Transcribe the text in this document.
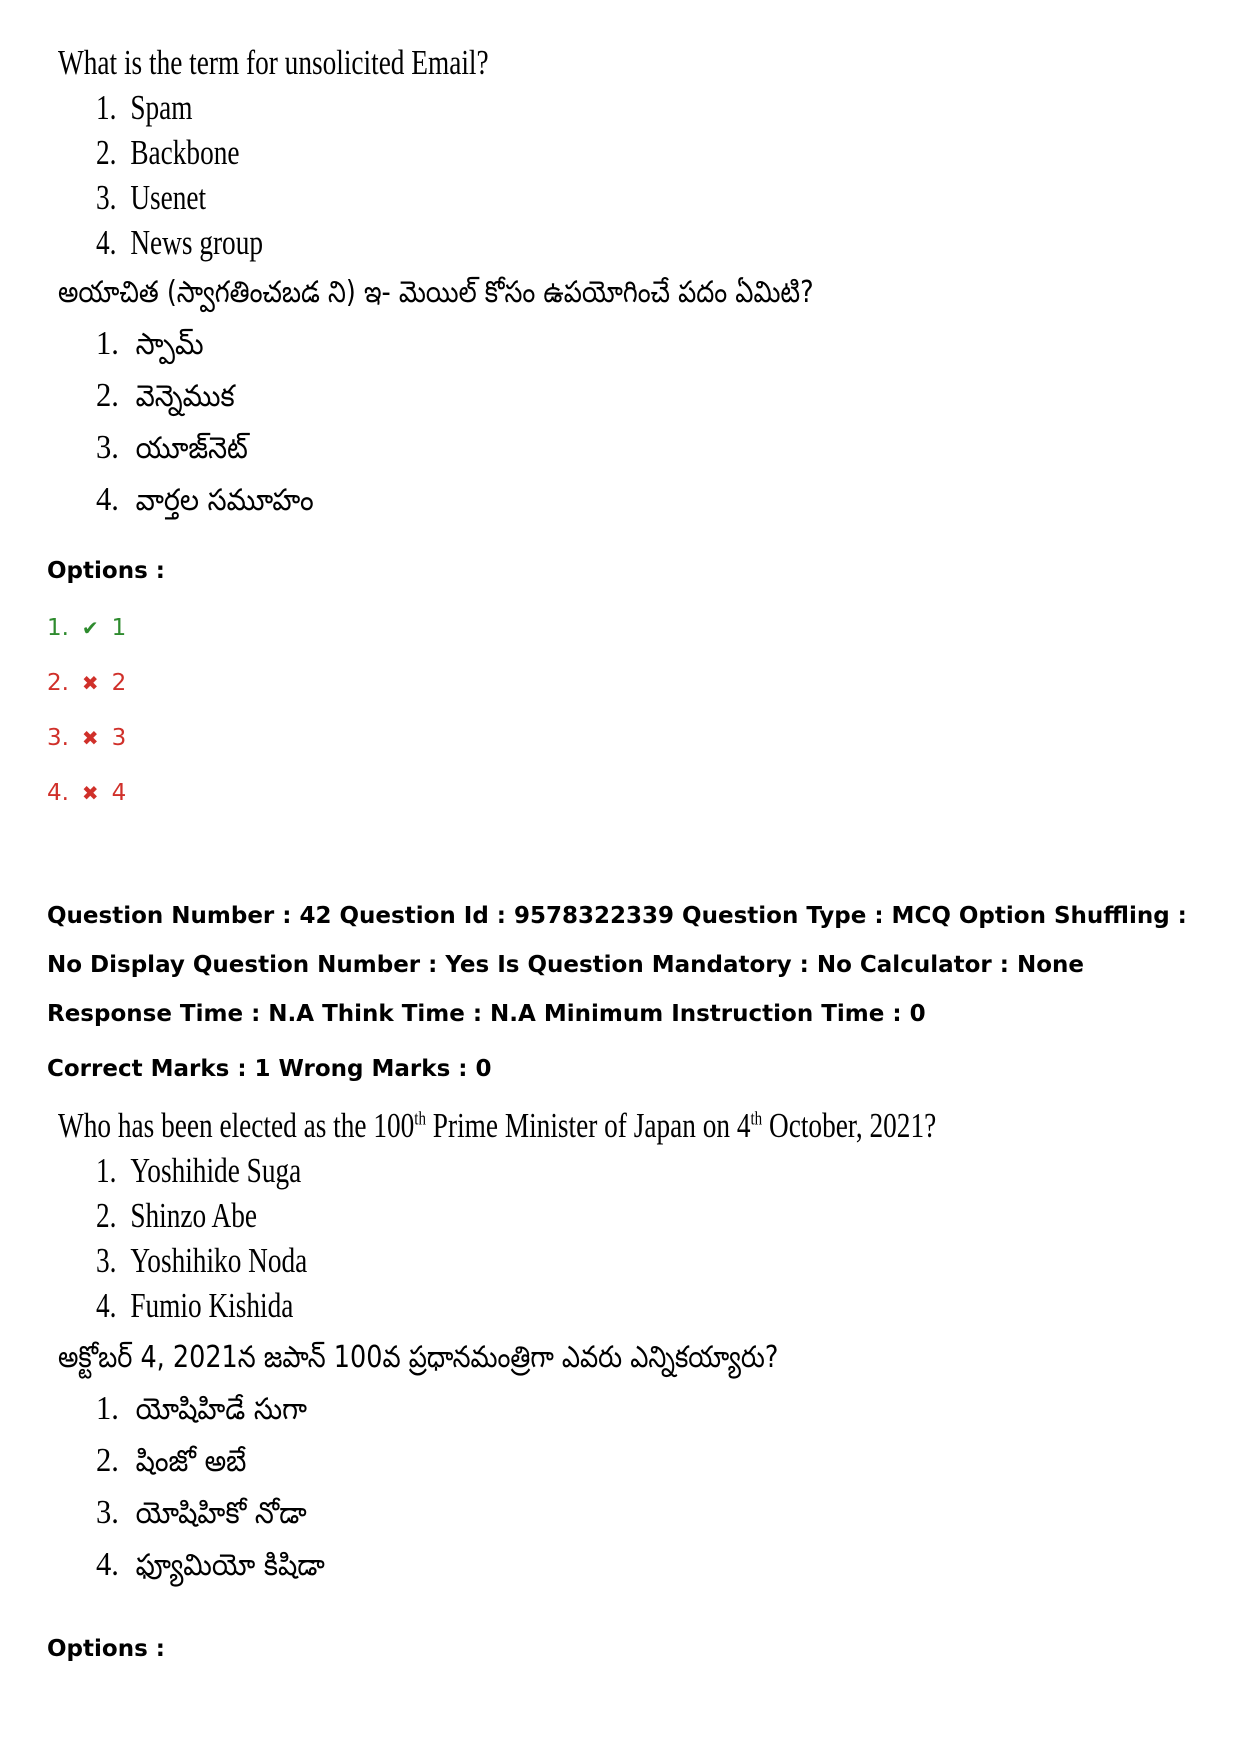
What is the term for unsolicited Email?
1. Spam
2. Backbone
3. Usenet
4. News group
అయాచిత (స్వాగతించబడ ని) ఇ- మెయిల్ కోసం ఉపయోగించే పదం ఏమిటి?
1. స్పామ్
2. వెన్నెముక
3. యూజ్‌నెట్
4. వార్తల సమూహం
Options :
1. ✔ 1
2. ✖ 2
3. ✖ 3
4. ✖ 4
Question Number : 42 Question Id : 9578322339 Question Type : MCQ Option Shuffling : No Display Question Number : Yes Is Question Mandatory : No Calculator : None Response Time : N.A Think Time : N.A Minimum Instruction Time : 0
Correct Marks : 1 Wrong Marks : 0
Who has been elected as the 100th Prime Minister of Japan on 4th October, 2021?
1. Yoshihide Suga
2. Shinzo Abe
3. Yoshihiko Noda
4. Fumio Kishida
అక్టోబర్ 4, 2021న జపాన్ 100వ ప్రధానమంత్రిగా ఎవరు ఎన్నికయ్యారు?
1. యోషిహిడే సుగా
2. షింజో అబే
3. యోషిహికో నోడా
4. ఫ్యూమియో కిషిడా
Options :
